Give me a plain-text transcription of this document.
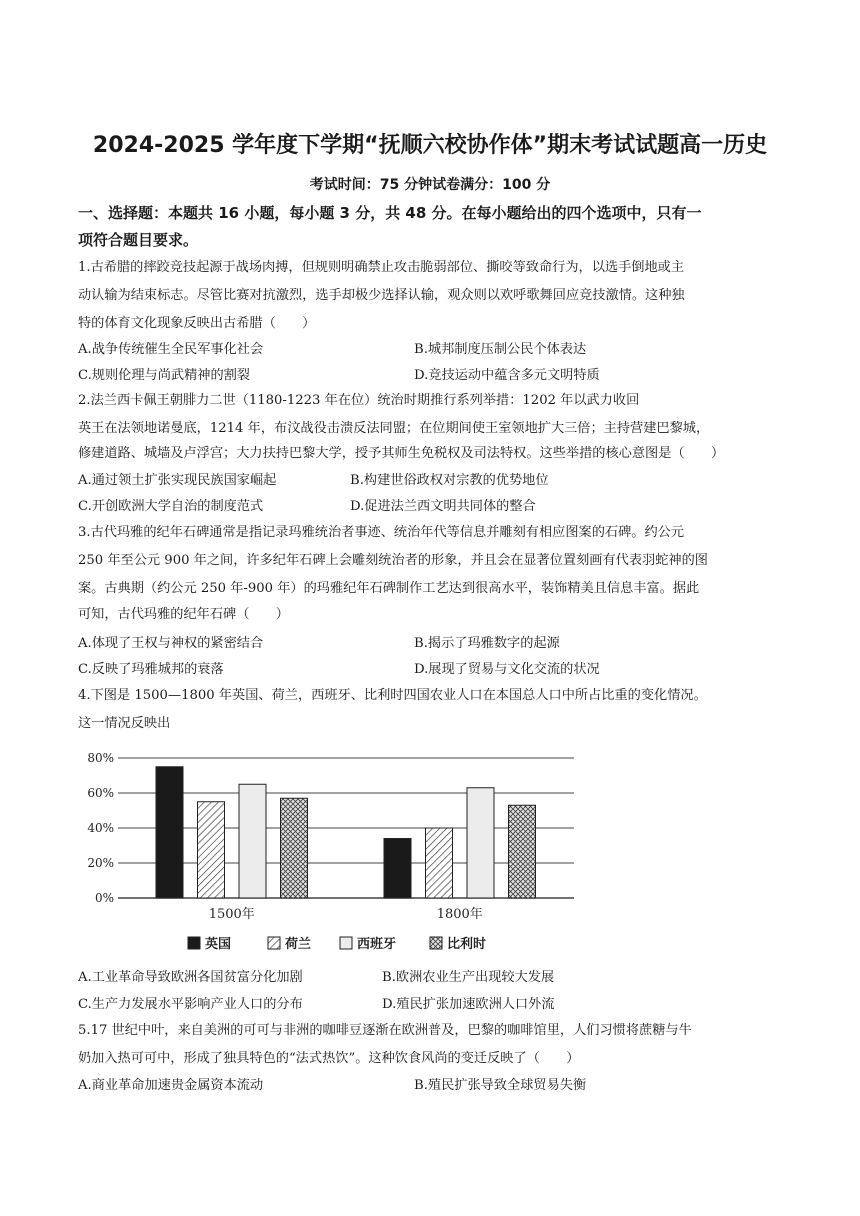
2024-2025 学年度下学期“抚顺六校协作体”期末考试试题高一历史
考试时间：75 分钟试卷满分：100 分
一、选择题：本题共 16 小题，每小题 3 分，共 48 分。在每小题给出的四个选项中，只有一
项符合题目要求。
1.古希腊的摔跤竞技起源于战场肉搏，但规则明确禁止攻击脆弱部位、撕咬等致命行为，以选手倒地或主
动认输为结束标志。尽管比赛对抗激烈，选手却极少选择认输，观众则以欢呼歌舞回应竞技激情。这种独
特的体育文化现象反映出古希腊（　　）
A.战争传统催生全民军事化社会	B.城邦制度压制公民个体表达
C.规则伦理与尚武精神的割裂	D.竞技运动中蕴含多元文明特质
2.法兰西卡佩王朝腓力二世（1180-1223 年在位）统治时期推行系列举措：1202 年以武力收回
英王在法领地诺曼底，1214 年，布汶战役击溃反法同盟；在位期间使王室领地扩大三倍；主持营建巴黎城，
修建道路、城墙及卢浮宫；大力扶持巴黎大学，授予其师生免税权及司法特权。这些举措的核心意图是（　　）
A.通过领土扩张实现民族国家崛起	B.构建世俗政权对宗教的优势地位
C.开创欧洲大学自治的制度范式	D.促进法兰西文明共同体的整合
3.古代玛雅的纪年石碑通常是指记录玛雅统治者事迹、统治年代等信息并雕刻有相应图案的石碑。约公元
250 年至公元 900 年之间，许多纪年石碑上会雕刻统治者的形象，并且会在显著位置刻画有代表羽蛇神的图
案。古典期（约公元 250 年-900 年）的玛雅纪年石碑制作工艺达到很高水平，装饰精美且信息丰富。据此
可知，古代玛雅的纪年石碑（　　）
A.体现了王权与神权的紧密结合	B.揭示了玛雅数字的起源
C.反映了玛雅城邦的衰落	D.展现了贸易与文化交流的状况
4.下图是 1500—1800 年英国、荷兰，西班牙、比利时四国农业人口在本国总人口中所占比重的变化情况。
这一情况反映出
0%
20%
40%
60%
80%
1500年	1800年
英国	荷兰	西班牙	比利时
A.工业革命导致欧洲各国贫富分化加剧	B.欧洲农业生产出现较大发展
C.生产力发展水平影响产业人口的分布	D.殖民扩张加速欧洲人口外流
5.17 世纪中叶，来自美洲的可可与非洲的咖啡豆逐渐在欧洲普及，巴黎的咖啡馆里，人们习惯将蔗糖与牛
奶加入热可可中，形成了独具特色的“法式热饮”。这种饮食风尚的变迁反映了（　　）
A.商业革命加速贵金属资本流动	B.殖民扩张导致全球贸易失衡
